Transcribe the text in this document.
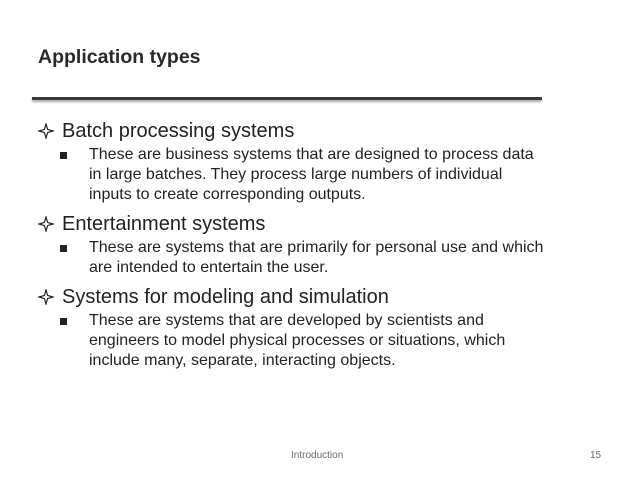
Application types
Batch processing systems
These are business systems that are designed to process data
in large batches. They process large numbers of individual
inputs to create corresponding outputs.
Entertainment systems
These are systems that are primarily for personal use and which
are intended to entertain the user.
Systems for modeling and simulation
These are systems that are developed by scientists and
engineers to model physical processes or situations, which
include many, separate, interacting objects.
Introduction	15
